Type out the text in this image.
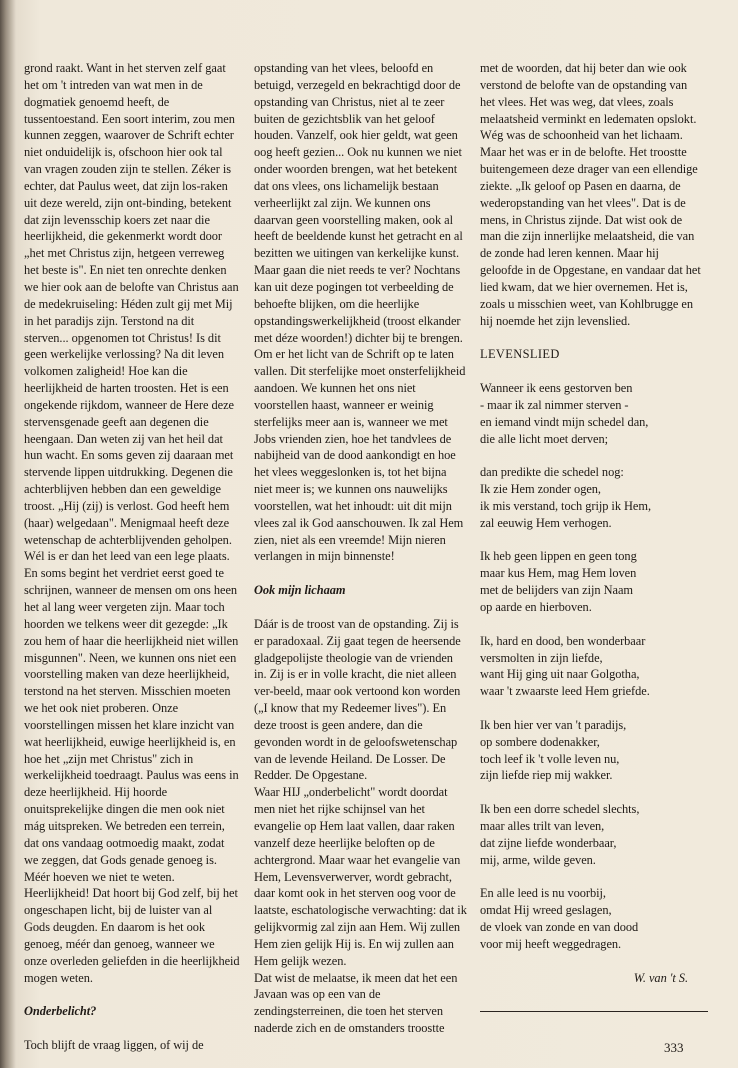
grond raakt. Want in het sterven zelf gaat het om 't intreden van wat men in de dogmatiek genoemd heeft, de tussentoestand. Een soort interim, zou men kunnen zeggen, waarover de Schrift echter niet onduidelijk is, ofschoon hier ook tal van vragen zouden zijn te stellen. Zéker is echter, dat Paulus weet, dat zijn los-raken uit deze wereld, zijn ont-binding, betekent dat zijn levensschip koers zet naar die heerlijkheid, die gekenmerkt wordt door „het met Christus zijn, hetgeen verreweg het beste is". En niet ten onrechte denken we hier ook aan de belofte van Christus aan de medekruiseling: Héden zult gij met Mij in het paradijs zijn. Terstond na dit sterven... opgenomen tot Christus! Is dit geen werkelijke verlossing? Na dit leven volkomen zaligheid! Hoe kan die heerlijkheid de harten troosten. Het is een ongekende rijkdom, wanneer de Here deze stervensgenade geeft aan degenen die heengaan. Dan weten zij van het heil dat hun wacht. En soms geven zij daaraan met stervende lippen uitdrukking. Degenen die achterblijven hebben dan een geweldige troost. „Hij (zij) is verlost. God heeft hem (haar) welgedaan". Menigmaal heeft deze wetenschap de achterblijvenden geholpen. Wél is er dan het leed van een lege plaats. En soms begint het verdriet eerst goed te schrijnen, wanneer de mensen om ons heen het al lang weer vergeten zijn. Maar toch hoorden we telkens weer dit gezegde: „Ik zou hem of haar die heerlijkheid niet willen misgunnen". Neen, we kunnen ons niet een voorstelling maken van deze heerlijkheid, terstond na het sterven. Misschien moeten we het ook niet proberen. Onze voorstellingen missen het klare inzicht van wat heerlijkheid, euwige heerlijkheid is, en hoe het „zijn met Christus" zich in werkelijkheid toedraagt. Paulus was eens in deze heerlijkheid. Hij hoorde onuitsprekelijke dingen die men ook niet mág uitspreken. We betreden een terrein, dat ons vandaag ootmoedig maakt, zodat we zeggen, dat Gods genade genoeg is. Méér hoeven we niet te weten. Heerlijkheid! Dat hoort bij God zelf, bij het ongeschapen licht, bij de luister van al Gods deugden. En daarom is het ook genoeg, méér dan genoeg, wanneer we onze overleden geliefden in die heerlijkheid mogen weten.

Onderbelicht?

Toch blijft de vraag liggen, of wij de

opstanding van het vlees, beloofd en betuigd, verzegeld en bekrachtigd door de opstanding van Christus, niet al te zeer buiten de gezichtsblik van het geloof houden. Vanzelf, ook hier geldt, wat geen oog heeft gezien... Ook nu kunnen we niet onder woorden brengen, wat het betekent dat ons vlees, ons lichamelijk bestaan verheerlijkt zal zijn. We kunnen ons daarvan geen voorstelling maken, ook al heeft de beeldende kunst het getracht en al bezitten we uitingen van kerkelijke kunst. Maar gaan die niet reeds te ver? Nochtans kan uit deze pogingen tot verbeelding de behoefte blijken, om die heerlijke opstandingswerkelijkheid (troost elkander met déze woorden!) dichter bij te brengen. Om er het licht van de Schrift op te laten vallen. Dit sterfelijke moet onsterfelijkheid aandoen. We kunnen het ons niet voorstellen haast, wanneer er weinig sterfelijks meer aan is, wanneer we met Jobs vrienden zien, hoe het tandvlees de nabijheid van de dood aankondigt en hoe het vlees weggeslonken is, tot het bijna niet meer is; we kunnen ons nauwelijks voorstellen, wat het inhoudt: uit dit mijn vlees zal ik God aanschouwen. Ik zal Hem zien, niet als een vreemde! Mijn nieren verlangen in mijn binnenste!

Ook mijn lichaam

Dáár is de troost van de opstanding. Zij is er paradoxaal. Zij gaat tegen de heersende gladgepolijste theologie van de vrienden in. Zij is er in volle kracht, die niet alleen ver-beeld, maar ook vertoond kon worden („I know that my Redeemer lives"). En deze troost is geen andere, dan die gevonden wordt in de geloofswetenschap van de levende Heiland. De Losser. De Redder. De Opgestane.

Waar HIJ „onderbelicht" wordt doordat men niet het rijke schijnsel van het evangelie op Hem laat vallen, daar raken vanzelf deze heerlijke beloften op de achtergrond. Maar waar het evangelie van Hem, Levensverwerver, wordt gebracht, daar komt ook in het sterven oog voor de laatste, eschatologische verwachting: dat ik gelijkvormig zal zijn aan Hem. Wij zullen Hem zien gelijk Hij is. En wij zullen aan Hem gelijk wezen.

Dat wist de melaatse, ik meen dat het een Javaan was op een van de zendingsterreinen, die toen het sterven naderde zich en de omstanders troostte

met de woorden, dat hij beter dan wie ook verstond de belofte van de opstanding van het vlees. Het was weg, dat vlees, zoals melaatsheid verminkt en ledematen opslokt. Wég was de schoonheid van het lichaam. Maar het was er in de belofte. Het troostte buitengemeen deze drager van een ellendige ziekte. „Ik geloof op Pasen en daarna, de wederopstanding van het vlees". Dat is de mens, in Christus zijnde. Dat wist ook de man die zijn innerlijke melaatsheid, die van de zonde had leren kennen. Maar hij geloofde in de Opgestane, en vandaar dat het lied kwam, dat we hier overnemen. Het is, zoals u misschien weet, van Kohlbrugge en hij noemde het zijn levenslied.

LEVENSLIED

Wanneer ik eens gestorven ben
- maar ik zal nimmer sterven -
en iemand vindt mijn schedel dan,
die alle licht moet derven;
dan predikte die schedel nog:
Ik zie Hem zonder ogen,
ik mis verstand, toch grijp ik Hem,
zal eeuwig Hem verhogen.
Ik heb geen lippen en geen tong
maar kus Hem, mag Hem loven
met de belijders van zijn Naam
op aarde en hierboven.
Ik, hard en dood, ben wonderbaar
versmolten in zijn liefde,
want Hij ging uit naar Golgotha,
waar 't zwaarste leed Hem griefde.
Ik ben hier ver van 't paradijs,
op sombere dodenakker,
toch leef ik 't volle leven nu,
zijn liefde riep mij wakker.
Ik ben een dorre schedel slechts,
maar alles trilt van leven,
dat zijne liefde wonderbaar,
mij, arme, wilde geven.
En alle leed is nu voorbij,
omdat Hij wreed geslagen,
de vloek van zonde en van dood
voor mij heeft weggedragen.

W. van 't S.

333
